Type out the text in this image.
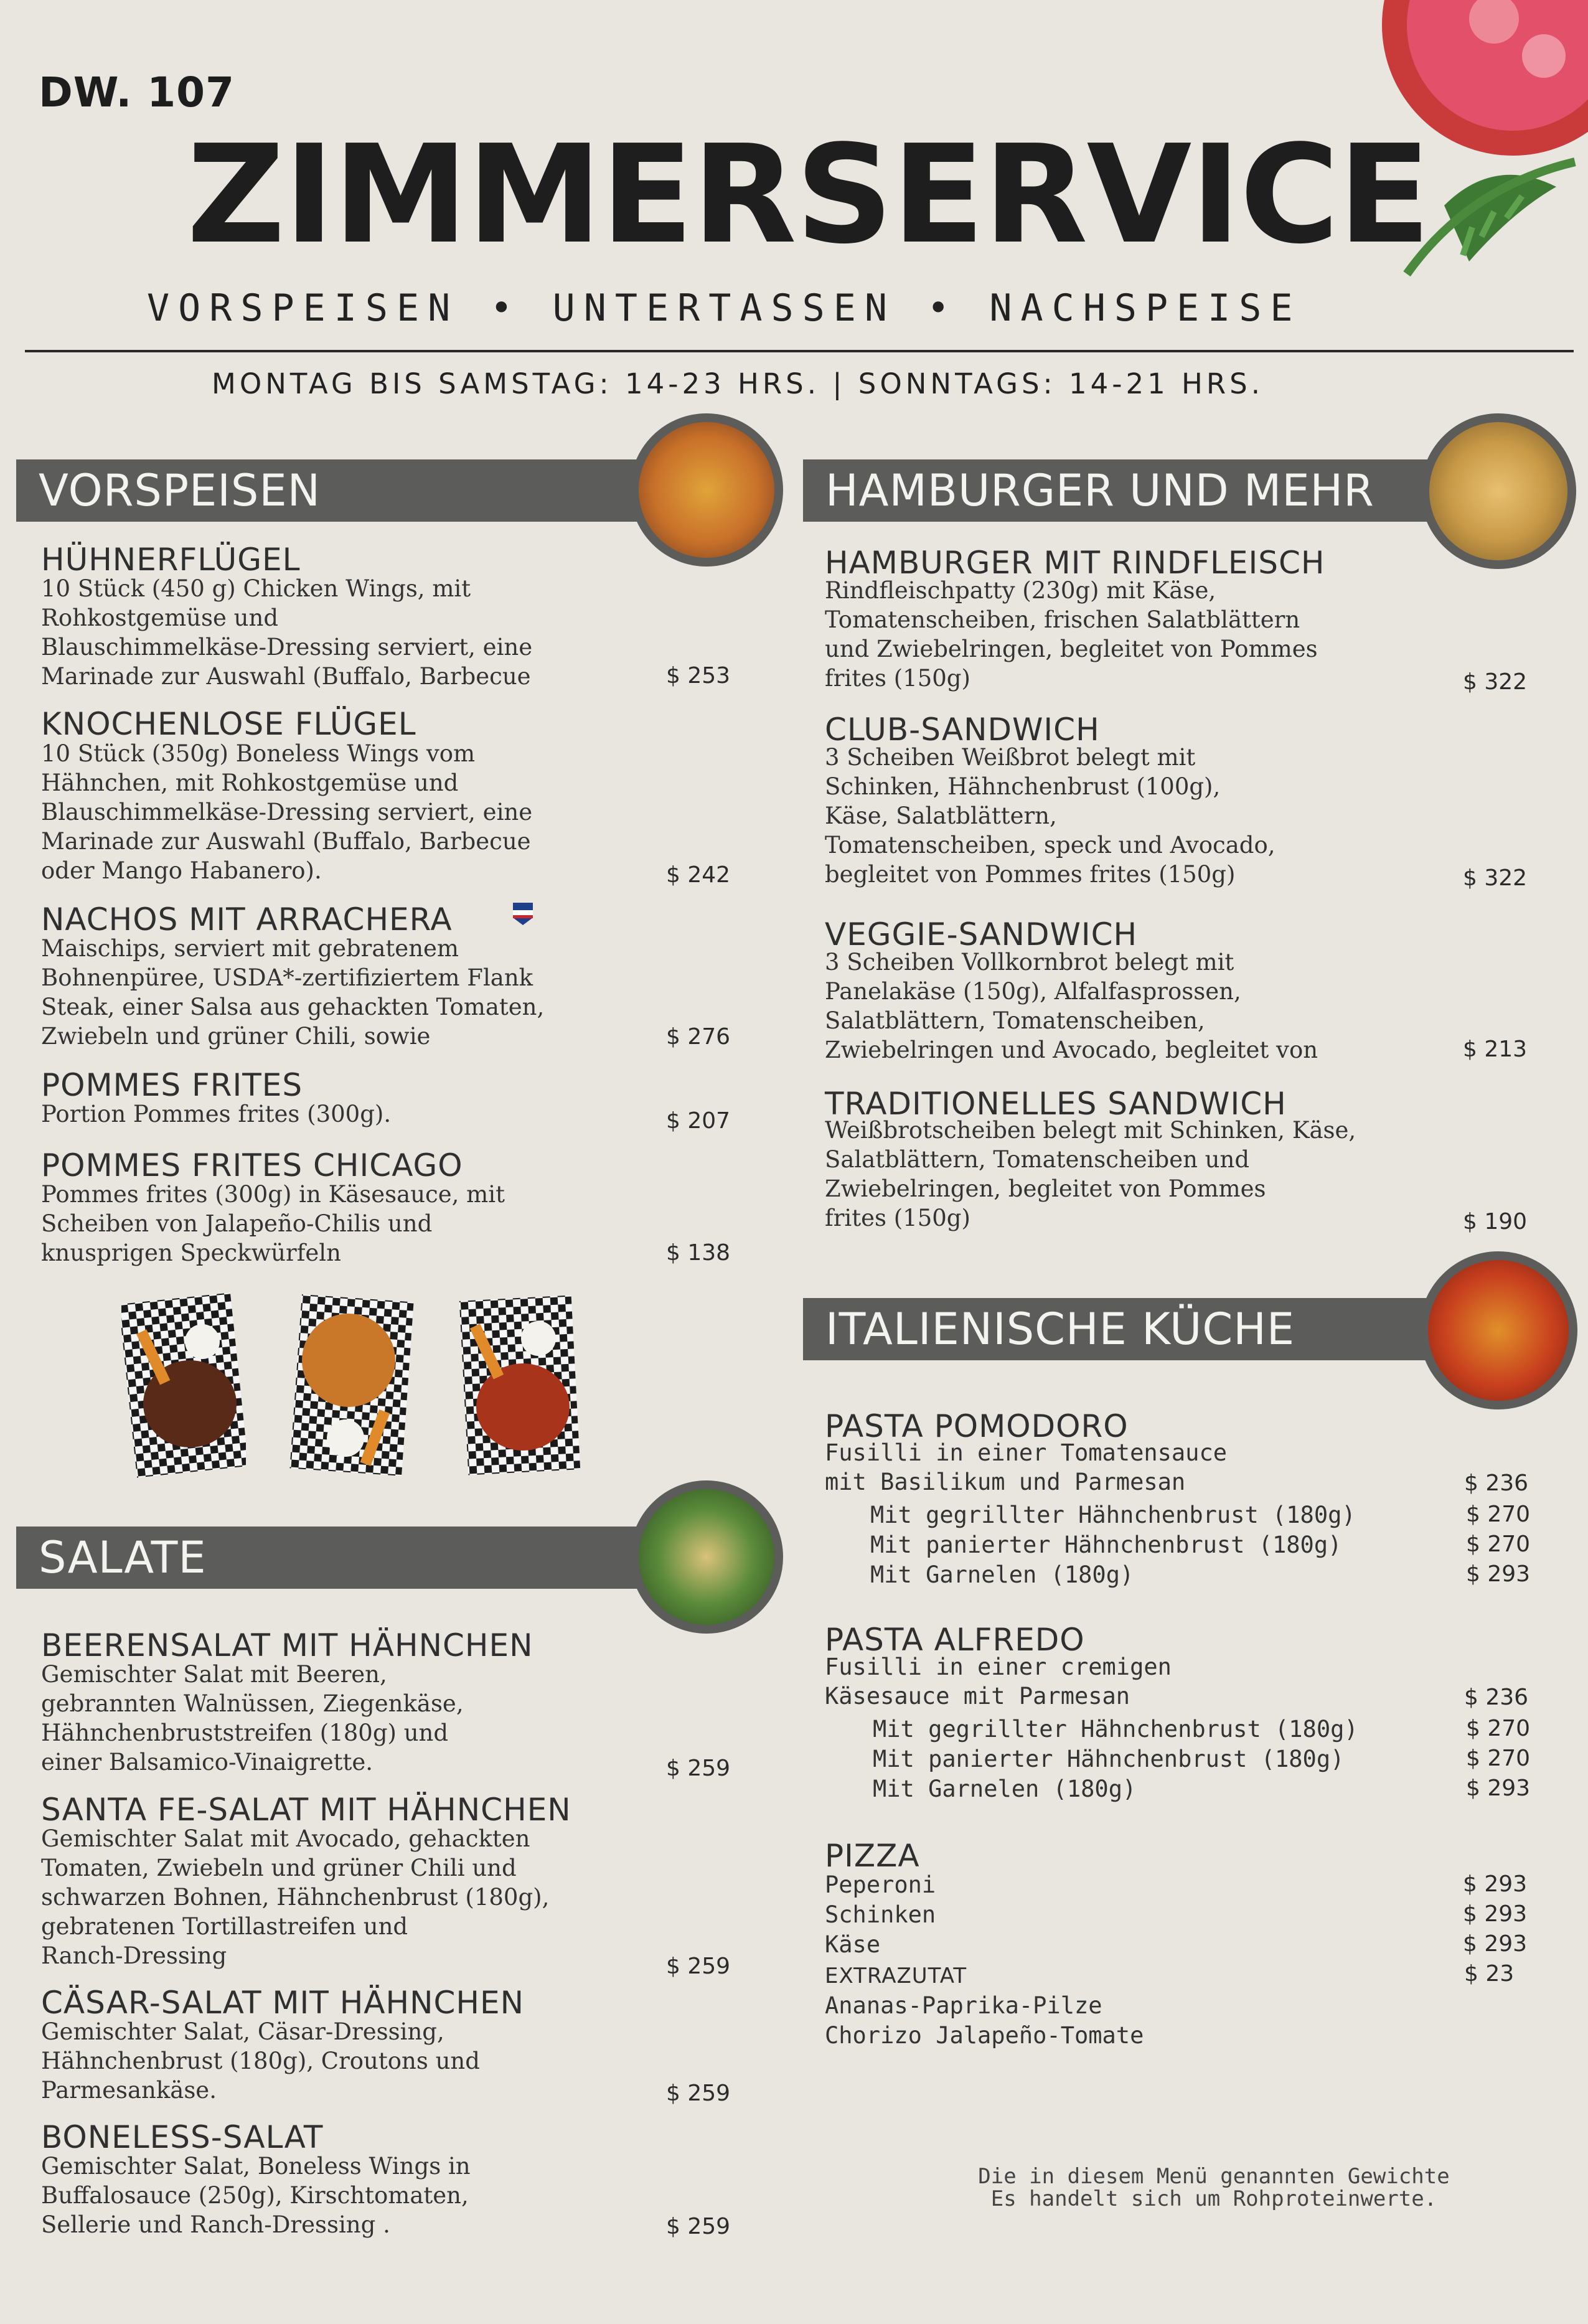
DW. 107
ZIMMERSERVICE
VORSPEISEN • UNTERTASSEN • NACHSPEISE
MONTAG BIS SAMSTAG: 14-23 HRS. | SONNTAGS: 14-21 HRS.
VORSPEISEN
HÜHNERFLÜGEL
10 Stück (450 g) Chicken Wings, mit
Rohkostgemüse und
Blauschimmelkäse-Dressing serviert, eine
Marinade zur Auswahl (Buffalo, Barbecue	$ 253
KNOCHENLOSE FLÜGEL
10 Stück (350g) Boneless Wings vom
Hähnchen, mit Rohkostgemüse und
Blauschimmelkäse-Dressing serviert, eine
Marinade zur Auswahl (Buffalo, Barbecue
oder Mango Habanero).	$ 242
NACHOS MIT ARRACHERA
Maischips, serviert mit gebratenem
Bohnenpüree, USDA*-zertifiziertem Flank
Steak, einer Salsa aus gehackten Tomaten,
Zwiebeln und grüner Chili, sowie	$ 276
POMMES FRITES
Portion Pommes frites (300g).	$ 207
POMMES FRITES CHICAGO
Pommes frites (300g) in Käsesauce, mit
Scheiben von Jalapeño-Chilis und
knusprigen Speckwürfeln	$ 138
SALATE
BEERENSALAT MIT HÄHNCHEN
Gemischter Salat mit Beeren,
gebrannten Walnüssen, Ziegenkäse,
Hähnchenbruststreifen (180g) und
einer Balsamico-Vinaigrette.	$ 259
SANTA FE-SALAT MIT HÄHNCHEN
Gemischter Salat mit Avocado, gehackten
Tomaten, Zwiebeln und grüner Chili und
schwarzen Bohnen, Hähnchenbrust (180g),
gebratenen Tortillastreifen und
Ranch-Dressing	$ 259
CÄSAR-SALAT MIT HÄHNCHEN
Gemischter Salat, Cäsar-Dressing,
Hähnchenbrust (180g), Croutons und
Parmesankäse.	$ 259
BONELESS-SALAT
Gemischter Salat, Boneless Wings in
Buffalosauce (250g), Kirschtomaten,
Sellerie und Ranch-Dressing .	$ 259
HAMBURGER UND MEHR
HAMBURGER MIT RINDFLEISCH
Rindfleischpatty (230g) mit Käse,
Tomatenscheiben, frischen Salatblättern
und Zwiebelringen, begleitet von Pommes
frites (150g)	$ 322
CLUB-SANDWICH
3 Scheiben Weißbrot belegt mit
Schinken, Hähnchenbrust (100g),
Käse, Salatblättern,
Tomatenscheiben, speck und Avocado,
begleitet von Pommes frites (150g)	$ 322
VEGGIE-SANDWICH
3 Scheiben Vollkornbrot belegt mit
Panelakäse (150g), Alfalfasprossen,
Salatblättern, Tomatenscheiben,
Zwiebelringen und Avocado, begleitet von	$ 213
TRADITIONELLES SANDWICH
Weißbrotscheiben belegt mit Schinken, Käse,
Salatblättern, Tomatenscheiben und
Zwiebelringen, begleitet von Pommes
frites (150g)	$ 190
ITALIENISCHE KÜCHE
PASTA POMODORO
Fusilli in einer Tomatensauce
mit Basilikum und Parmesan	$ 236
Mit gegrillter Hähnchenbrust (180g)	$ 270
Mit panierter Hähnchenbrust (180g)	$ 270
Mit Garnelen (180g)	$ 293
PASTA ALFREDO
Fusilli in einer cremigen
Käsesauce mit Parmesan	$ 236
Mit gegrillter Hähnchenbrust (180g)	$ 270
Mit panierter Hähnchenbrust (180g)	$ 270
Mit Garnelen (180g)	$ 293
PIZZA
Peperoni	$ 293
Schinken	$ 293
Käse	$ 293
EXTRAZUTAT	$ 23
Ananas-Paprika-Pilze
Chorizo Jalapeño-Tomate
Die in diesem Menü genannten Gewichte
Es handelt sich um Rohproteinwerte.
